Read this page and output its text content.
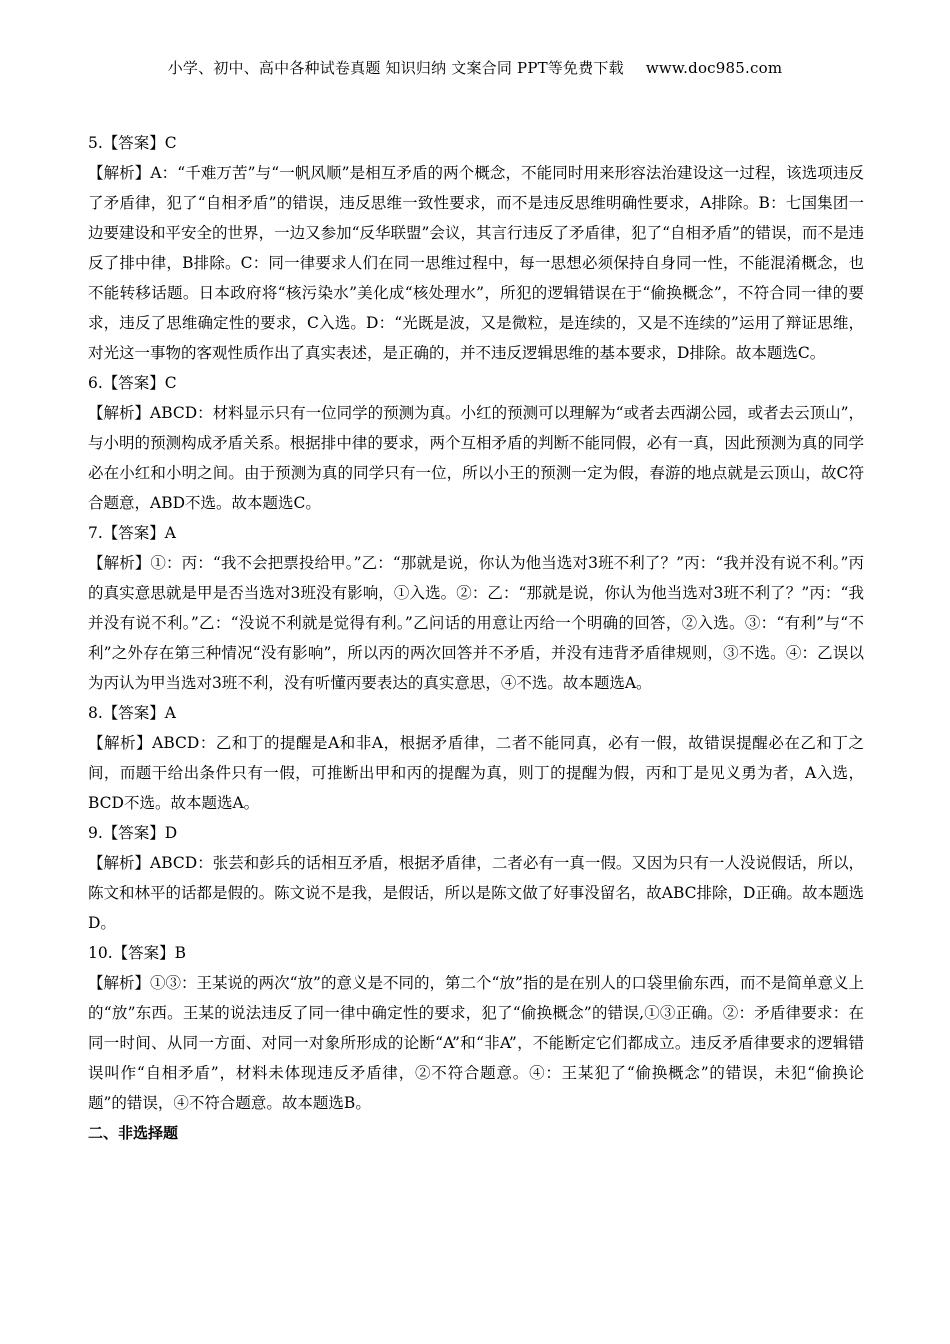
小学、初中、高中各种试卷真题 知识归纳 文案合同 PPT等免费下载 www.doc985.com

5.【答案】C

【解析】A：“千难万苦”与“一帆风顺”是相互矛盾的两个概念，不能同时用来形容法治建设这一过程，该选项违反了矛盾律，犯了“自相矛盾”的错误，违反思维一致性要求，而不是违反思维明确性要求，A排除。B：七国集团一边要建设和平安全的世界，一边又参加“反华联盟”会议，其言行违反了矛盾律，犯了“自相矛盾”的错误，而不是违反了排中律，B排除。C：同一律要求人们在同一思维过程中，每一思想必须保持自身同一性，不能混淆概念，也不能转移话题。日本政府将“核污染水”美化成“核处理水”，所犯的逻辑错误在于“偷换概念”，不符合同一律的要求，违反了思维确定性的要求，C入选。D：“光既是波，又是微粒，是连续的，又是不连续的”运用了辩证思维，对光这一事物的客观性质作出了真实表述，是正确的，并不违反逻辑思维的基本要求，D排除。故本题选C。

6.【答案】C

【解析】ABCD：材料显示只有一位同学的预测为真。小红的预测可以理解为“或者去西湖公园，或者去云顶山”，与小明的预测构成矛盾关系。根据排中律的要求，两个互相矛盾的判断不能同假，必有一真，因此预测为真的同学必在小红和小明之间。由于预测为真的同学只有一位，所以小王的预测一定为假，春游的地点就是云顶山，故C符合题意，ABD不选。故本题选C。

7.【答案】A

【解析】①：丙：“我不会把票投给甲。”乙：“那就是说，你认为他当选对3班不利了？”丙：“我并没有说不利。”丙的真实意思就是甲是否当选对3班没有影响，①入选。②：乙：“那就是说，你认为他当选对3班不利了？”丙：“我并没有说不利。”乙：“没说不利就是觉得有利。”乙问话的用意让丙给一个明确的回答，②入选。③：“有利”与“不利”之外存在第三种情况“没有影响”，所以丙的两次回答并不矛盾，并没有违背矛盾律规则，③不选。④：乙误以为丙认为甲当选对3班不利，没有听懂丙要表达的真实意思，④不选。故本题选A。

8.【答案】A

【解析】ABCD：乙和丁的提醒是A和非A，根据矛盾律，二者不能同真，必有一假，故错误提醒必在乙和丁之间，而题干给出条件只有一假，可推断出甲和丙的提醒为真，则丁的提醒为假，丙和丁是见义勇为者，A入选，BCD不选。故本题选A。

9.【答案】D

【解析】ABCD：张芸和彭兵的话相互矛盾，根据矛盾律，二者必有一真一假。又因为只有一人没说假话，所以，陈文和林平的话都是假的。陈文说不是我，是假话，所以是陈文做了好事没留名，故ABC排除，D正确。故本题选D。

10.【答案】B

【解析】①③：王某说的两次“放”的意义是不同的，第二个“放”指的是在别人的口袋里偷东西，而不是简单意义上的“放”东西。王某的说法违反了同一律中确定性的要求，犯了“偷换概念”的错误,①③正确。②：矛盾律要求：在同一时间、从同一方面、对同一对象所形成的论断“A”和“非A”，不能断定它们都成立。违反矛盾律要求的逻辑错误叫作“自相矛盾”，材料未体现违反矛盾律，②不符合题意。④：王某犯了“偷换概念”的错误，未犯“偷换论题”的错误，④不符合题意。故本题选B。

二、非选择题
